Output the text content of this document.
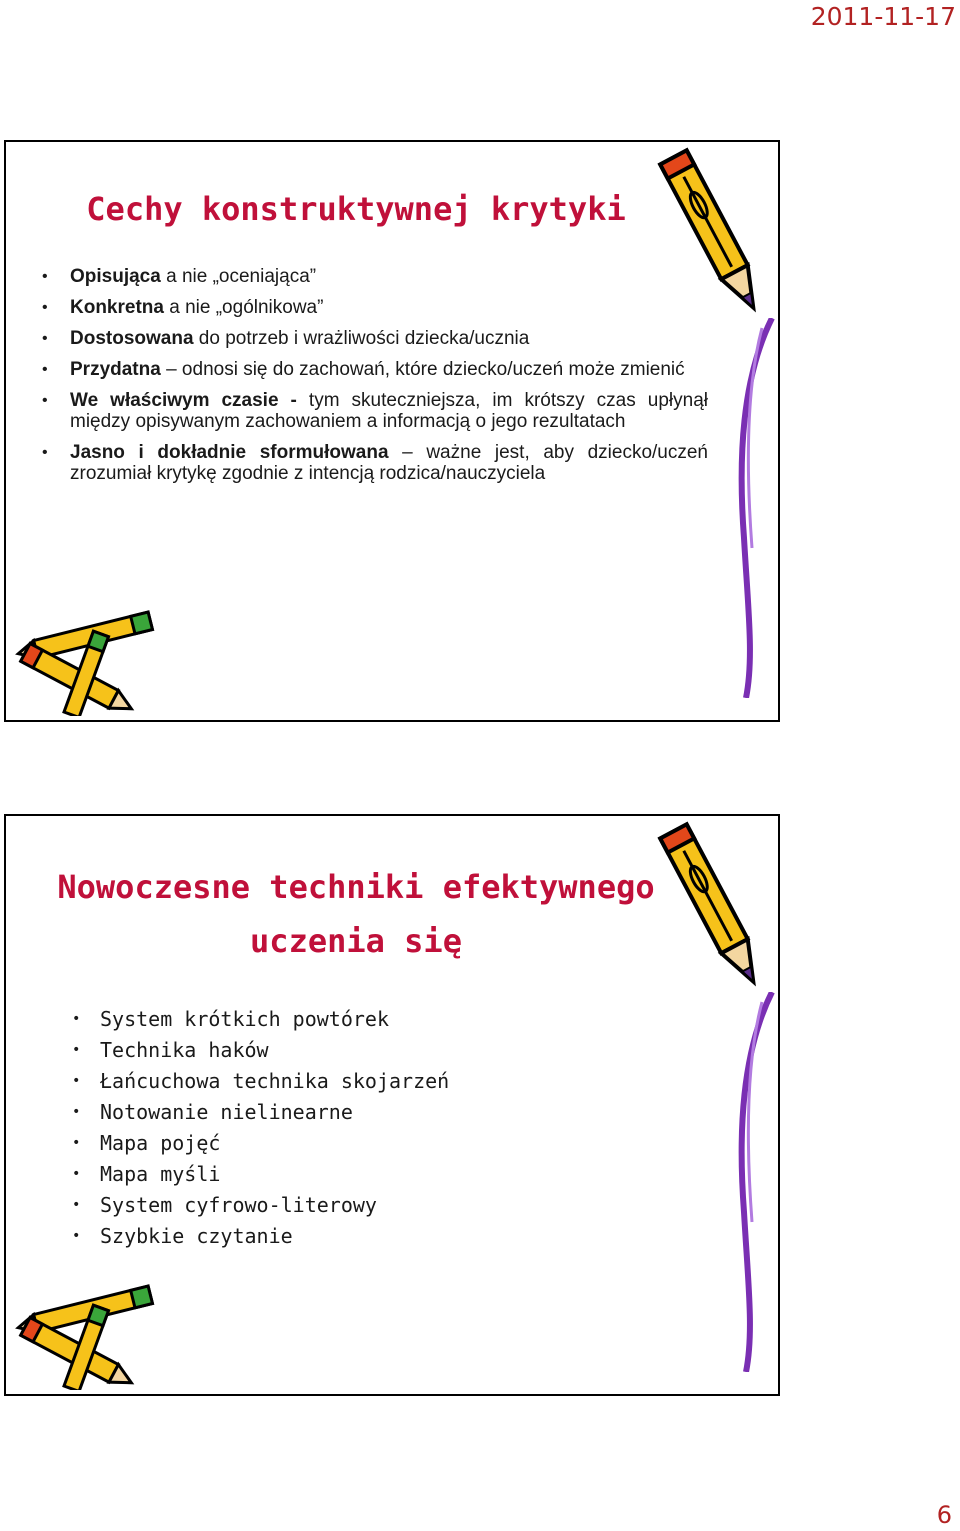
2011-11-17
Cechy konstruktywnej krytyki
• Opisująca a nie „oceniająca”
• Konkretna a nie „ogólnikowa”
• Dostosowana do potrzeb i wrażliwości dziecka/ucznia
• Przydatna – odnosi się do zachowań, które dziecko/uczeń może zmienić
• We właściwym czasie - tym skuteczniejsza, im krótszy czas upłynął między opisywanym zachowaniem a informacją o jego rezultatach
• Jasno i dokładnie sformułowana – ważne jest, aby dziecko/uczeń zrozumiał krytykę zgodnie z intencją rodzica/nauczyciela
Nowoczesne techniki efektywnego
uczenia się
• System krótkich powtórek
• Technika haków
• Łańcuchowa technika skojarzeń
• Notowanie nielinearne
• Mapa pojęć
• Mapa myśli
• System cyfrowo-literowy
• Szybkie czytanie
6
